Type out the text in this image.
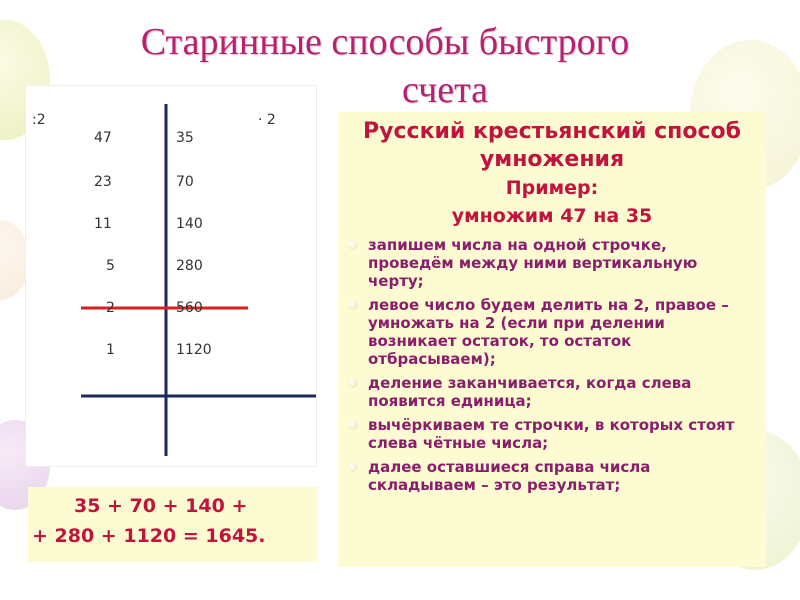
Старинные способы быстрого
счета
:2	· 2
47
23
11
5
2
1
35
70
140
280
560
1120
Русский крестьянский способ умножения
Пример:
умножим 47 на 35
запишем числа на одной строчке, проведём между ними вертикальную черту;
левое число будем делить на 2, правое – умножать на 2 (если при делении возникает остаток, то остаток отбрасываем);
деление заканчивается, когда слева появится единица;
вычёркиваем те строчки, в которых стоят слева чётные числа;
далее оставшиеся справа числа складываем – это результат;
35 + 70 + 140 +
+ 280 + 1120 = 1645.
